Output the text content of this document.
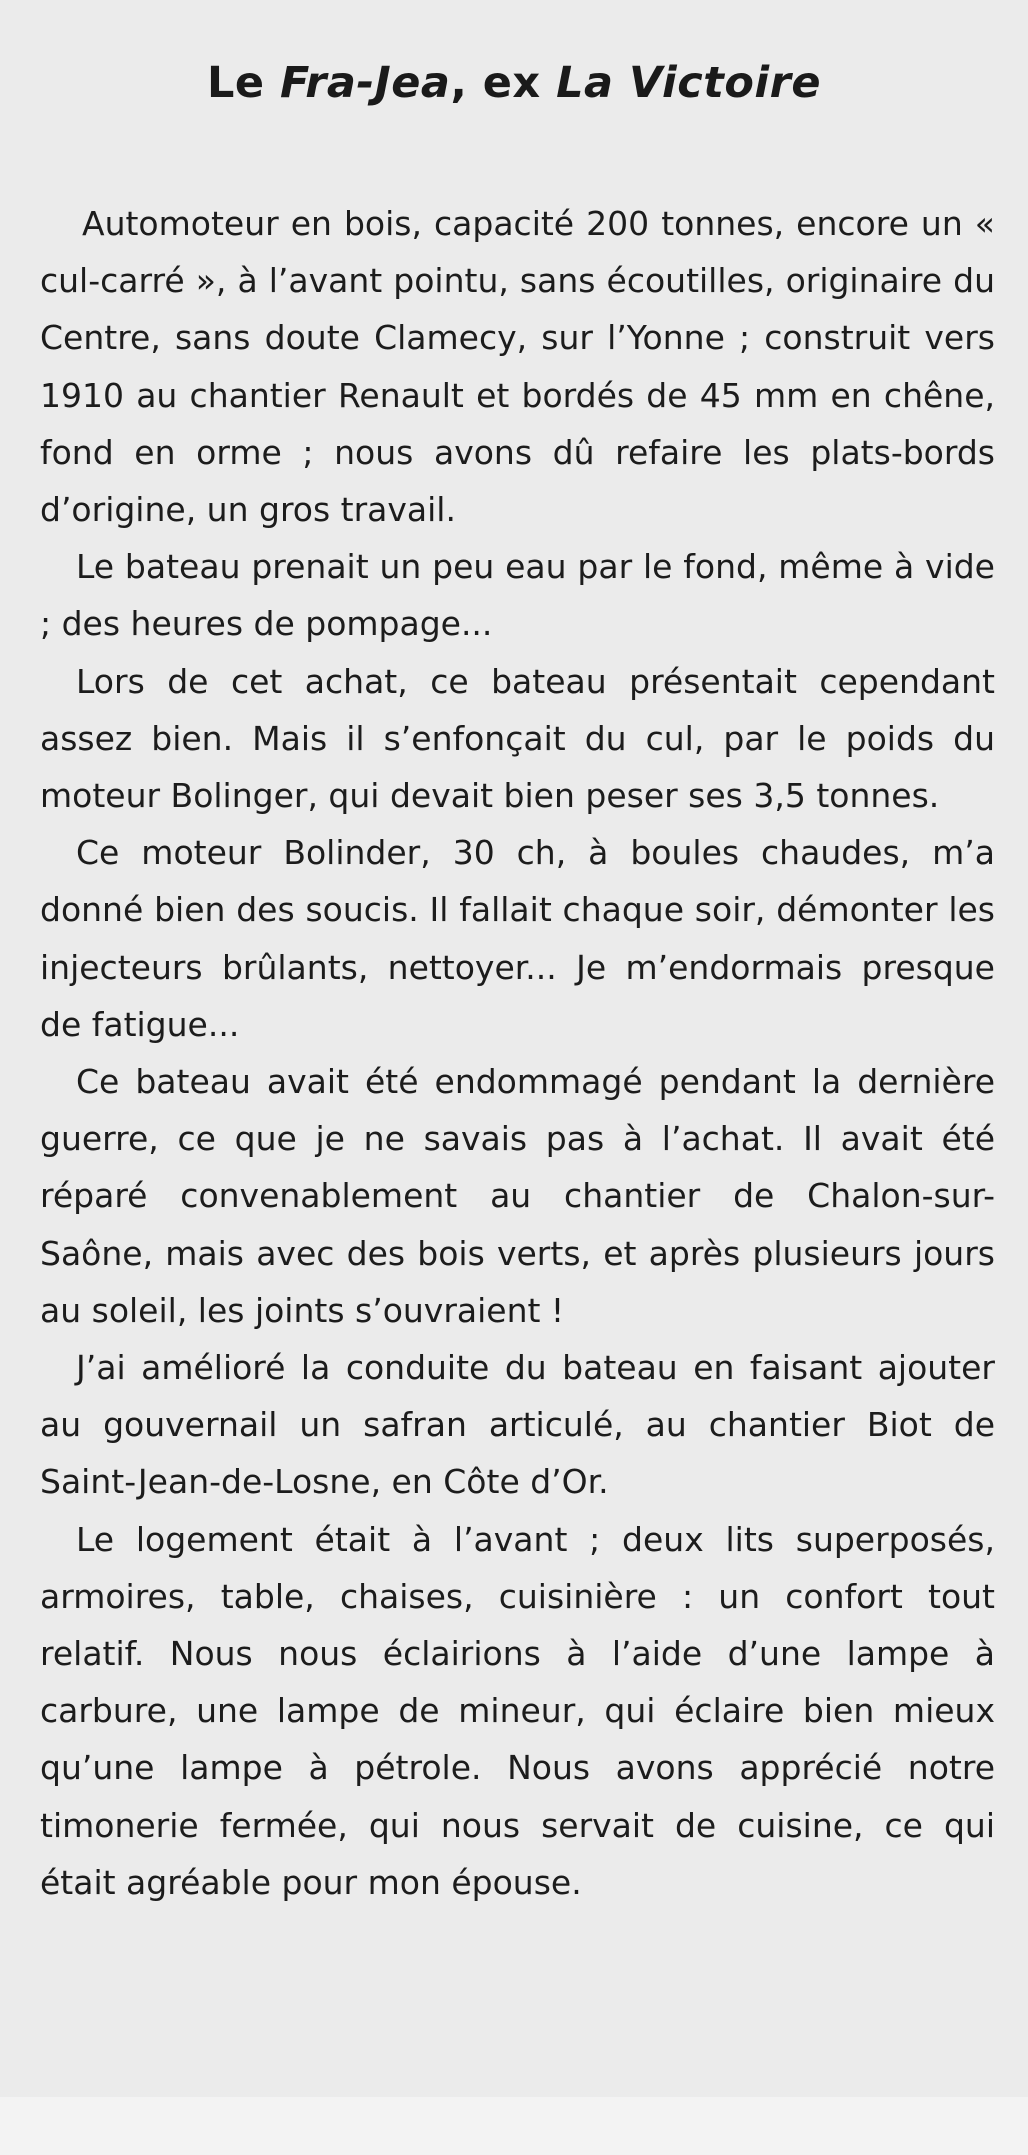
Le Fra-Jea, ex La Victoire

Automoteur en bois, capacité 200 tonnes, encore un « cul-carré », à l’avant pointu, sans écoutilles, originaire du Centre, sans doute Clamecy, sur l’Yonne ; construit vers 1910 au chantier Renault et bordés de 45 mm en chêne, fond en orme ; nous avons dû refaire les plats-bords d’origine, un gros travail.

Le bateau prenait un peu eau par le fond, même à vide ; des heures de pompage...

Lors de cet achat, ce bateau présentait cependant assez bien. Mais il s’enfonçait du cul, par le poids du moteur Bolinger, qui devait bien peser ses 3,5 tonnes.

Ce moteur Bolinder, 30 ch, à boules chaudes, m’a donné bien des soucis. Il fallait chaque soir, démonter les injecteurs brûlants, nettoyer... Je m’endormais presque de fatigue...

Ce bateau avait été endommagé pendant la dernière guerre, ce que je ne savais pas à l’achat. Il avait été réparé convenablement au chantier de Chalon-sur-Saône, mais avec des bois verts, et après plusieurs jours au soleil, les joints s’ouvraient !

J’ai amélioré la conduite du bateau en faisant ajouter au gouvernail un safran articulé, au chantier Biot de Saint-Jean-de-Losne, en Côte d’Or.

Le logement était à l’avant ; deux lits superposés, armoires, table, chaises, cuisinière : un confort tout relatif. Nous nous éclairions à l’aide d’une lampe à carbure, une lampe de mineur, qui éclaire bien mieux qu’une lampe à pétrole. Nous avons apprécié notre timonerie fermée, qui nous servait de cuisine, ce qui était agréable pour mon épouse.
